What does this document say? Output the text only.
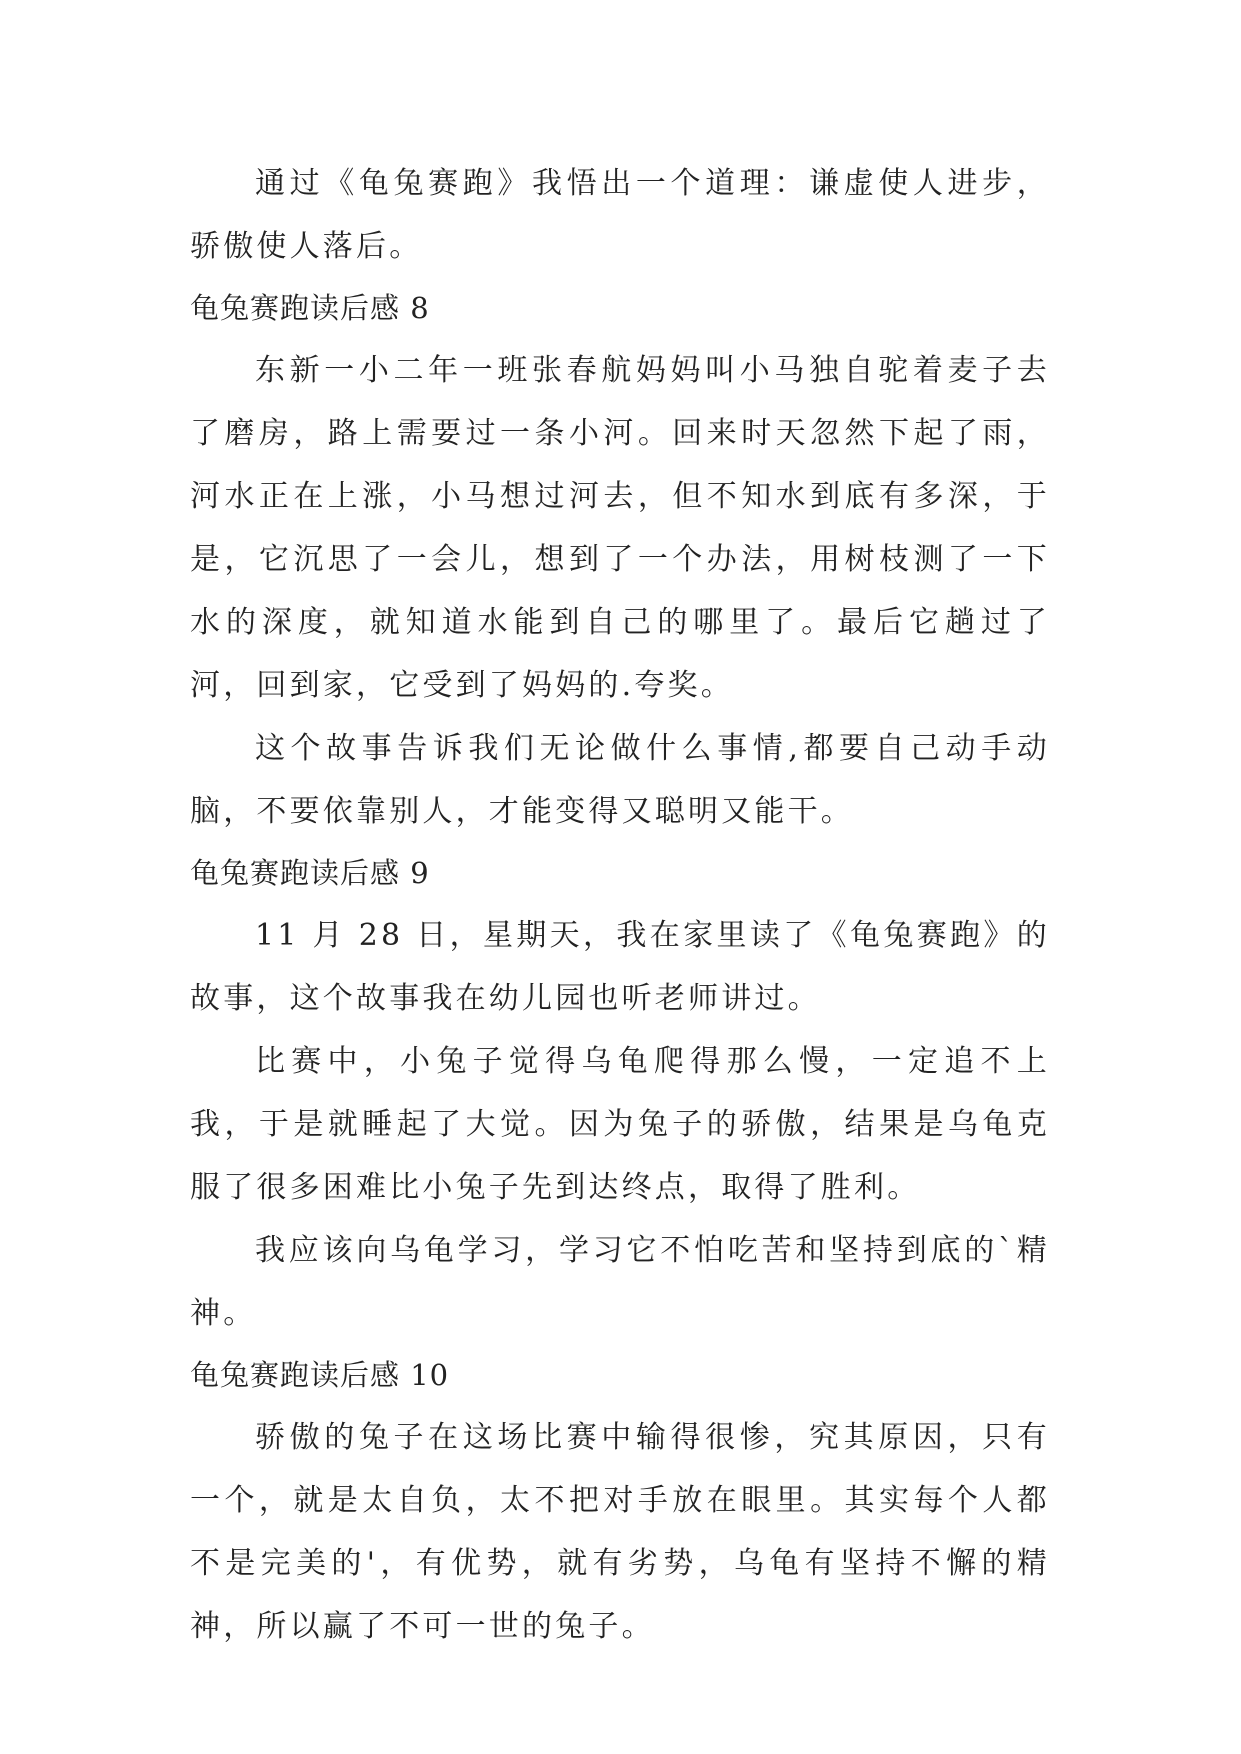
通过《龟兔赛跑》我悟出一个道理：谦虚使人进步，骄傲使人落后。

龟兔赛跑读后感 8

东新一小二年一班张春航妈妈叫小马独自驼着麦子去了磨房，路上需要过一条小河。回来时天忽然下起了雨，河水正在上涨，小马想过河去，但不知水到底有多深，于是，它沉思了一会儿，想到了一个办法，用树枝测了一下水的深度，就知道水能到自己的哪里了。最后它趟过了河，回到家，它受到了妈妈的.夸奖。

这个故事告诉我们无论做什么事情,都要自己动手动脑，不要依靠别人，才能变得又聪明又能干。

龟兔赛跑读后感 9

11 月 28 日，星期天，我在家里读了《龟兔赛跑》的故事，这个故事我在幼儿园也听老师讲过。

比赛中，小兔子觉得乌龟爬得那么慢，一定追不上我，于是就睡起了大觉。因为兔子的骄傲，结果是乌龟克服了很多困难比小兔子先到达终点，取得了胜利。

我应该向乌龟学习，学习它不怕吃苦和坚持到底的`精神。

龟兔赛跑读后感 10

骄傲的兔子在这场比赛中输得很惨，究其原因，只有一个，就是太自负，太不把对手放在眼里。其实每个人都不是完美的'，有优势，就有劣势，乌龟有坚持不懈的精神，所以赢了不可一世的兔子。
